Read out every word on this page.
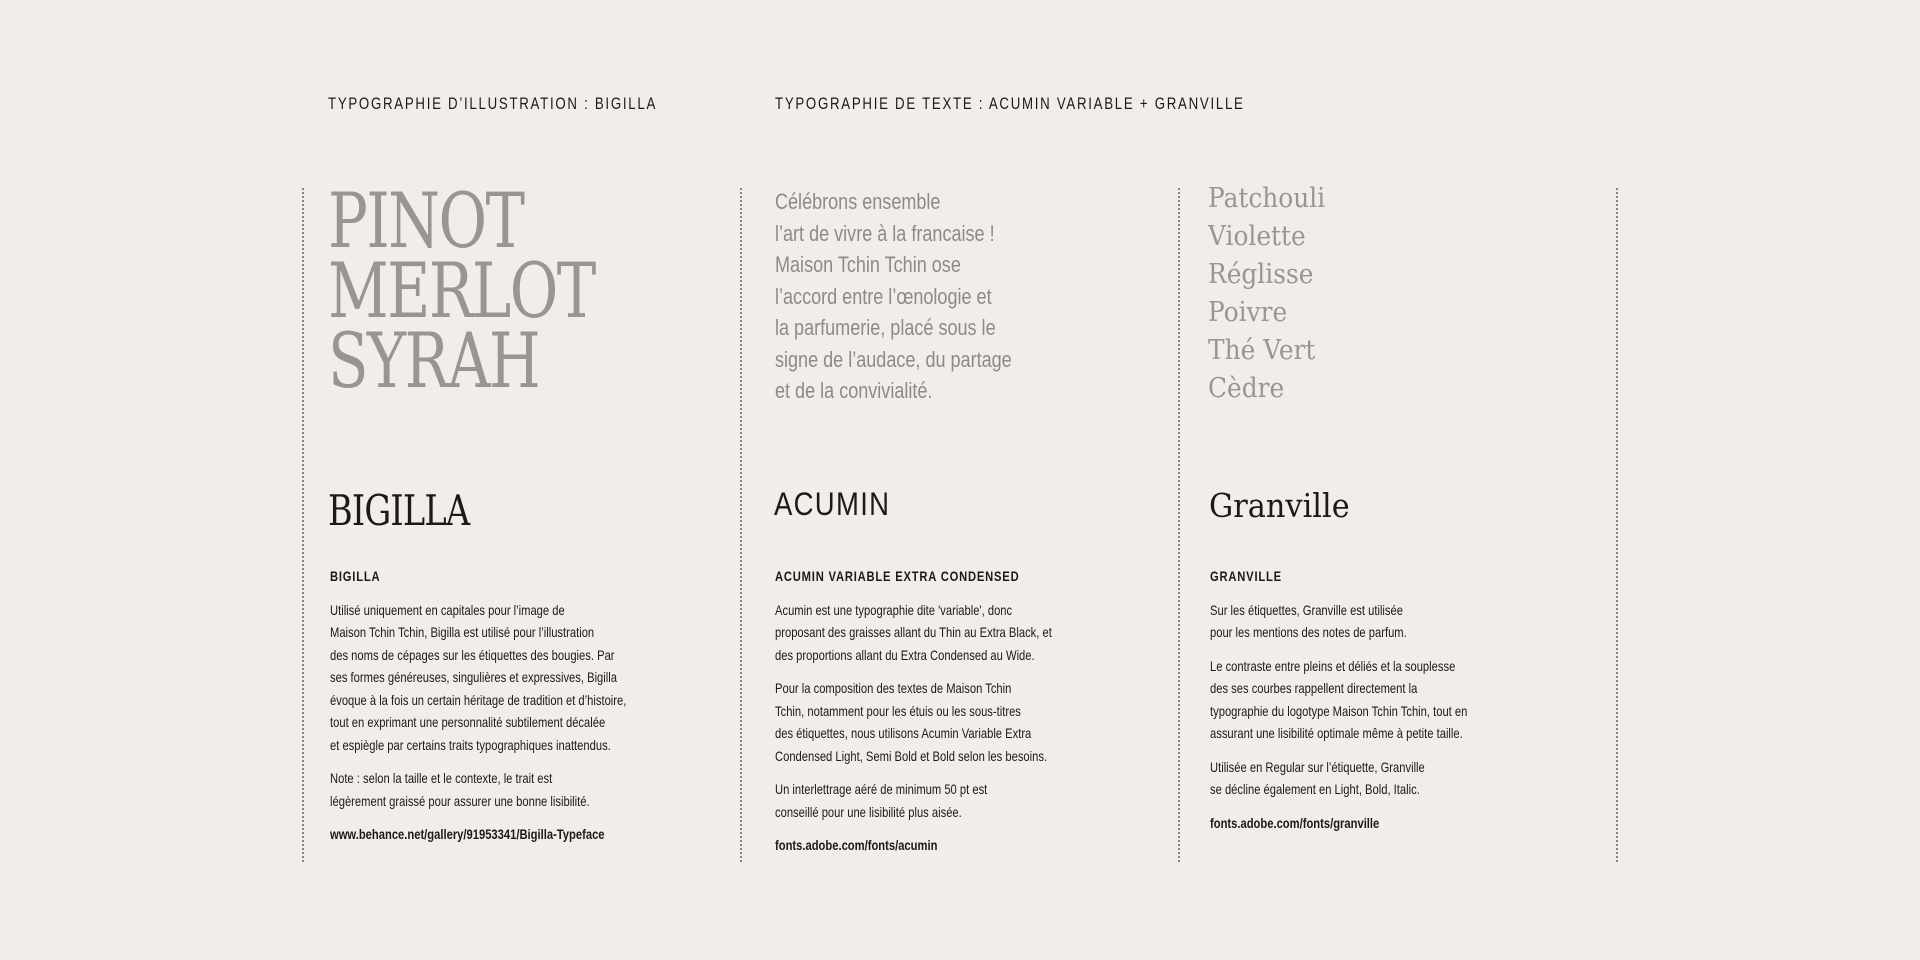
TYPOGRAPHIE D’ILLUSTRATION : BIGILLA	TYPOGRAPHIE DE TEXTE : ACUMIN VARIABLE + GRANVILLE
PINOT
MERLOT
SYRAH
BIGILLA
BIGILLA

Utilisé uniquement en capitales pour l’image de
Maison Tchin Tchin, Bigilla est utilisé pour l’illustration
des noms de cépages sur les étiquettes des bougies. Par
ses formes généreuses, singulières et expressives, Bigilla
évoque à la fois un certain héritage de tradition et d’histoire,
tout en exprimant une personnalité subtilement décalée
et espiègle par certains traits typographiques inattendus.

Note : selon la taille et le contexte, le trait est
légèrement graissé pour assurer une bonne lisibilité.

www.behance.net/gallery/91953341/Bigilla-Typeface
Célébrons ensemble
l’art de vivre à la francaise !
Maison Tchin Tchin ose
l’accord entre l’œnologie et
la parfumerie, placé sous le
signe de l’audace, du partage
et de la convivialité.
ACUMIN
ACUMIN VARIABLE EXTRA CONDENSED

Acumin est une typographie dite 'variable', donc
proposant des graisses allant du Thin au Extra Black, et
des proportions allant du Extra Condensed au Wide.

Pour la composition des textes de Maison Tchin
Tchin, notamment pour les étuis ou les sous-titres
des étiquettes, nous utilisons Acumin Variable Extra
Condensed Light, Semi Bold et Bold selon les besoins.

Un interlettrage aéré de minimum 50 pt est
conseillé pour une lisibilité plus aisée.

fonts.adobe.com/fonts/acumin
Patchouli
Violette
Réglisse
Poivre
Thé Vert
Cèdre
Granville
GRANVILLE

Sur les étiquettes, Granville est utilisée
pour les mentions des notes de parfum.

Le contraste entre pleins et déliés et la souplesse
des ses courbes rappellent directement la
typographie du logotype Maison Tchin Tchin, tout en
assurant une lisibilité optimale même à petite taille.

Utilisée en Regular sur l’étiquette, Granville
se décline également en Light, Bold, Italic.

fonts.adobe.com/fonts/granville
